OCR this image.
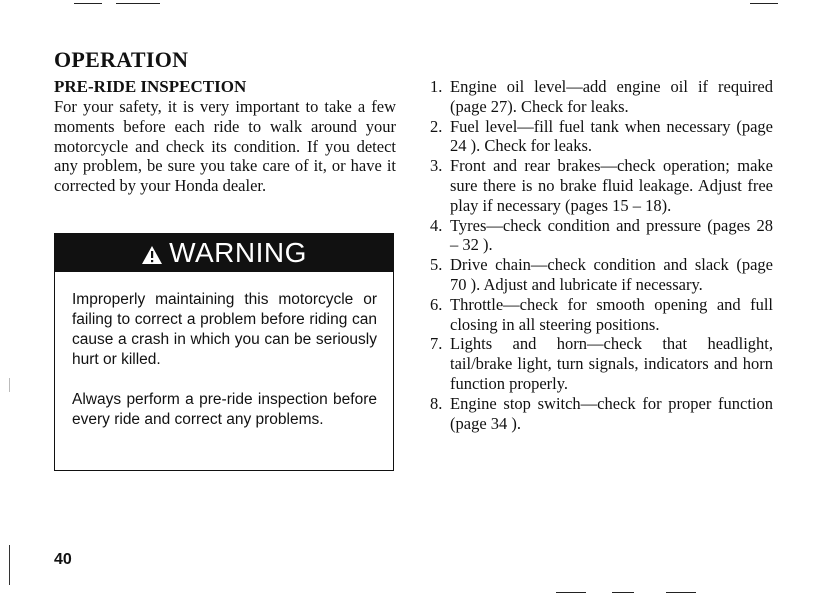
OPERATION
PRE-RIDE INSPECTION

For your safety, it is very important to take a few moments before each ride to walk around your motorcycle and check its condition. If you detect any problem, be sure you take care of it, or have it corrected by your Honda dealer.

WARNING

Improperly maintaining this motorcycle or failing to correct a problem before riding can cause a crash in which you can be seriously hurt or killed.

Always perform a pre-ride inspection before every ride and correct any problems.

1. Engine oil level—add engine oil if required (page 27). Check for leaks.
2. Fuel level—fill fuel tank when necessary (page 24 ). Check for leaks.
3. Front and rear brakes—check operation; make sure there is no brake fluid leakage. Adjust free play if necessary (pages 15 – 18).
4. Tyres—check condition and pressure (pages 28 – 32 ).
5. Drive chain—check condition and slack (page 70 ). Adjust and lubricate if necessary.
6. Throttle—check for smooth opening and full closing in all steering positions.
7. Lights and horn—check that headlight, tail/brake light, turn signals, indicators and horn function properly.
8. Engine stop switch—check for proper function (page 34 ).

40
